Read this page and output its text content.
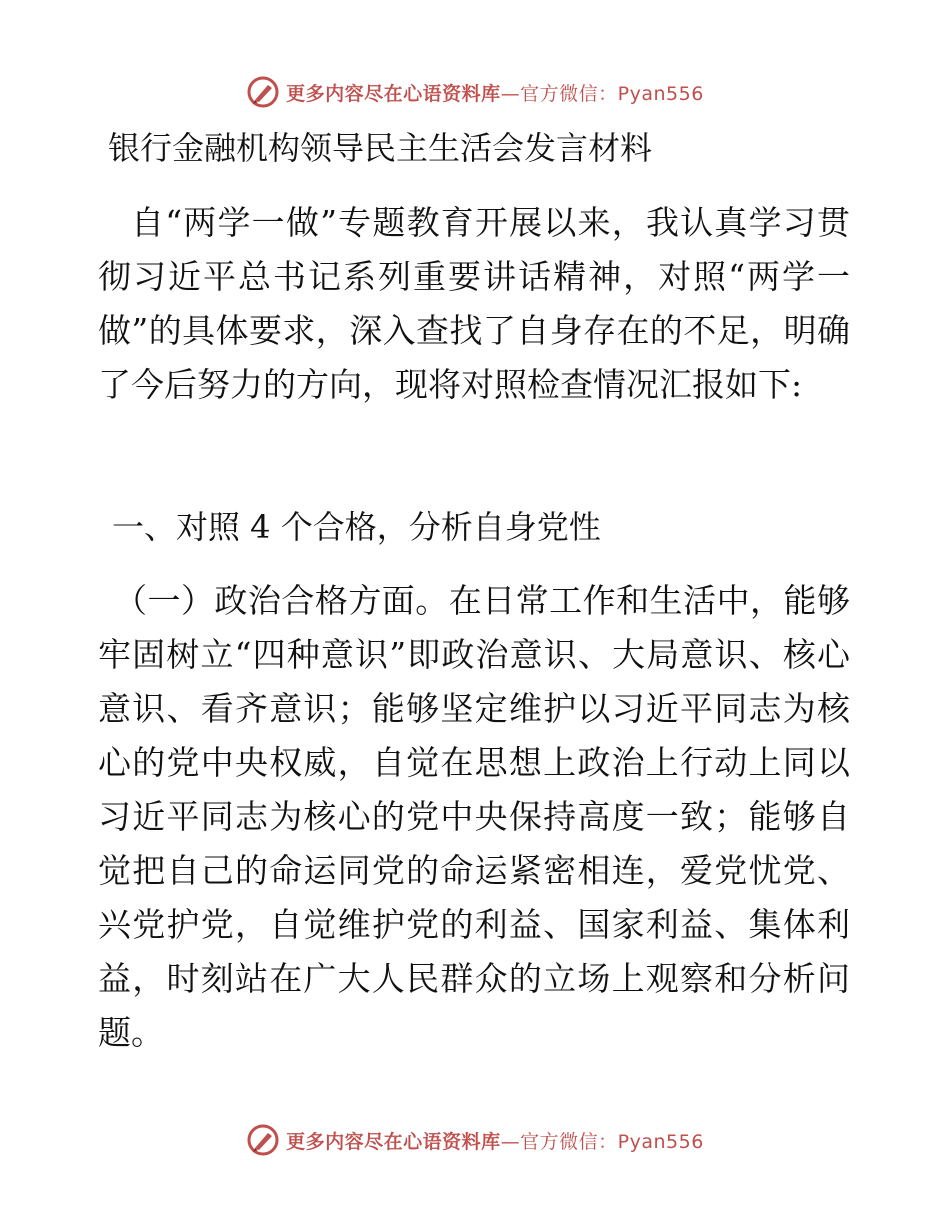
更多内容尽在心语资料库—官方微信：Pyan556
银行金融机构领导民主生活会发言材料

自“两学一做”专题教育开展以来，我认真学习贯彻习近平总书记系列重要讲话精神，对照“两学一做”的具体要求，深入查找了自身存在的不足，明确了今后努力的方向，现将对照检查情况汇报如下:

一、对照 4 个合格，分析自身党性

（一）政治合格方面。在日常工作和生活中，能够牢固树立“四种意识”即政治意识、大局意识、核心意识、看齐意识；能够坚定维护以习近平同志为核心的党中央权威，自觉在思想上政治上行动上同以习近平同志为核心的党中央保持高度一致；能够自觉把自己的命运同党的命运紧密相连，爱党忧党、兴党护党，自觉维护党的利益、国家利益、集体利益，时刻站在广大人民群众的立场上观察和分析问题。

更多内容尽在心语资料库—官方微信：Pyan556
